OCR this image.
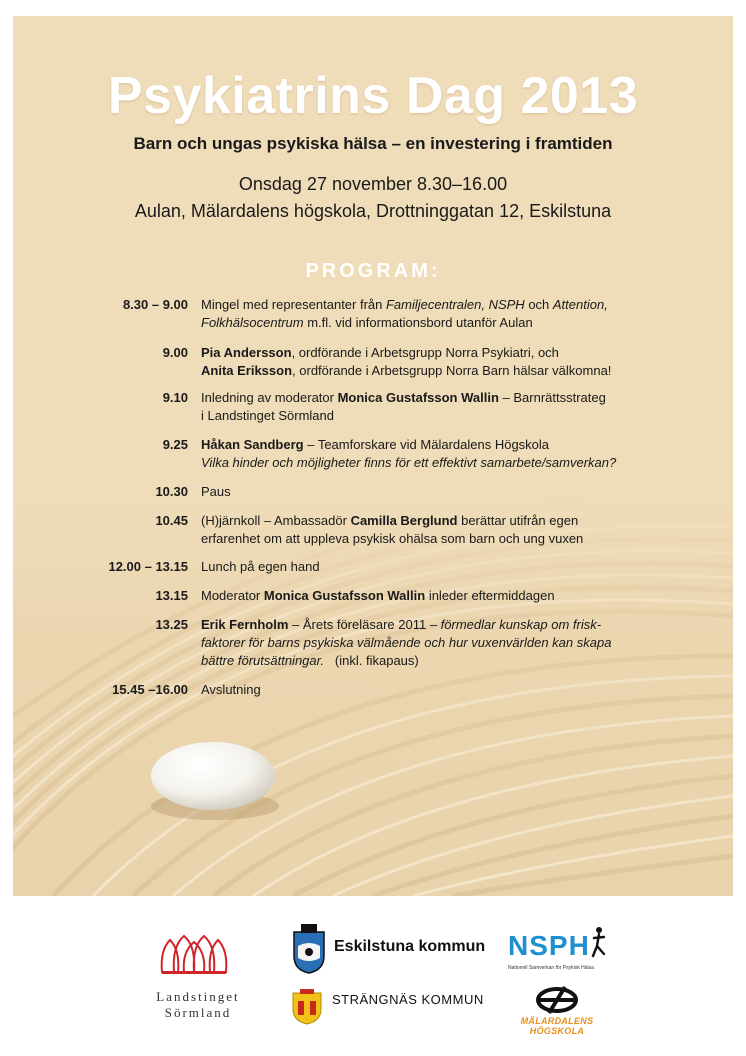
Psykiatrins Dag 2013
Barn och ungas psykiska hälsa – en investering i framtiden
Onsdag 27 november 8.30–16.00
Aulan, Mälardalens högskola, Drottninggatan 12, Eskilstuna
PROGRAM:
8.30 – 9.00 Mingel med representanter från Familjecentralen, NSPH och Attention,
Folkhälsocentrum m.fl. vid informationsbord utanför Aulan
9.00 Pia Andersson, ordförande i Arbetsgrupp Norra Psykiatri, och
Anita Eriksson, ordförande i Arbetsgrupp Norra Barn hälsar välkomna!
9.10 Inledning av moderator Monica Gustafsson Wallin – Barnrättsstrateg
i Landstinget Sörmland
9.25 Håkan Sandberg – Teamforskare vid Mälardalens Högskola
Vilka hinder och möjligheter finns för ett effektivt samarbete/samverkan?
10.30 Paus
10.45 (H)järnkoll – Ambassadör Camilla Berglund berättar utifrån egen
erfarenhet om att uppleva psykisk ohälsa som barn och ung vuxen
12.00 – 13.15 Lunch på egen hand
13.15 Moderator Monica Gustafsson Wallin inleder eftermiddagen
13.25 Erik Fernholm – Årets föreläsare 2011 – förmedlar kunskap om frisk-
faktorer för barns psykiska välmående och hur vuxenvärlden kan skapa
bättre förutsättningar.   (inkl. fikapaus)
15.45 –16.00 Avslutning
Landstinget
Sörmland
Eskilstuna kommun
STRÄNGNÄS KOMMUN
NSPH
Nationell Samverkan för Psykisk Hälsa
MÄLARDALENS HÖGSKOLA
